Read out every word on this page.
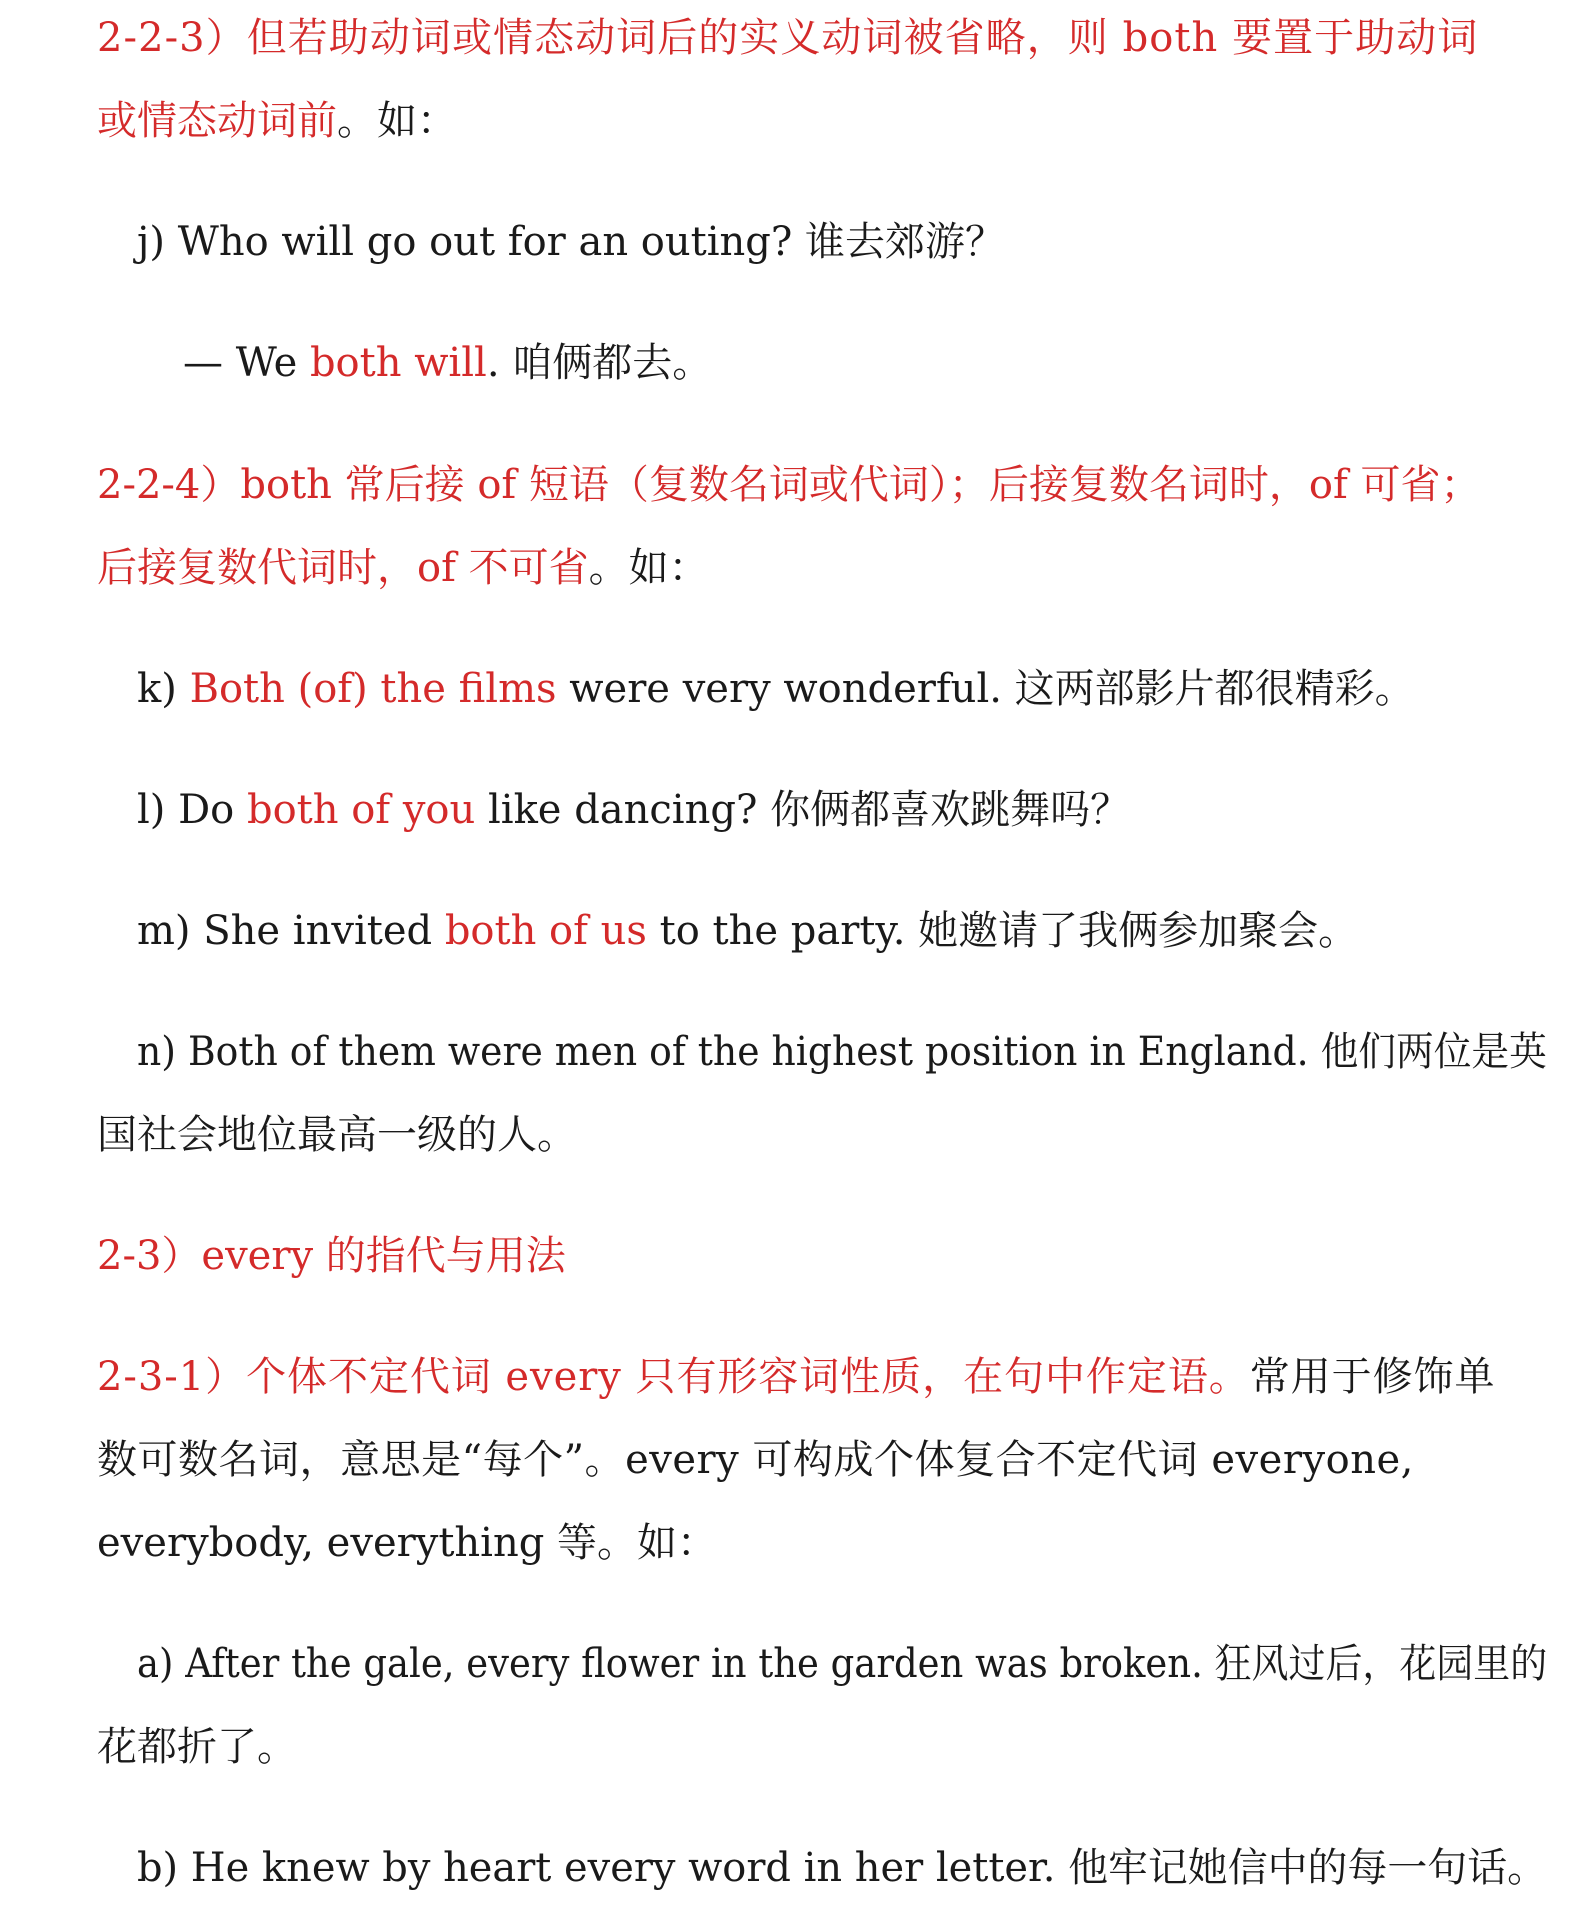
2-2-3）但若助动词或情态动词后的实义动词被省略，则 both 要置于助动词
或情态动词前。如：
j) Who will go out for an outing? 谁去郊游？
— We both will. 咱俩都去。
2-2-4）both 常后接 of 短语（复数名词或代词）；后接复数名词时，of 可省；
后接复数代词时，of 不可省。如：
k) Both (of) the films were very wonderful. 这两部影片都很精彩。
l) Do both of you like dancing? 你俩都喜欢跳舞吗？
m) She invited both of us to the party. 她邀请了我俩参加聚会。
n) Both of them were men of the highest position in England. 他们两位是英
国社会地位最高一级的人。
2-3）every 的指代与用法
2-3-1）个体不定代词 every 只有形容词性质，在句中作定语。常用于修饰单
数可数名词，意思是“每个”。every 可构成个体复合不定代词 everyone,
everybody, everything 等。如：
a) After the gale, every flower in the garden was broken. 狂风过后，花园里的
花都折了。
b) He knew by heart every word in her letter. 他牢记她信中的每一句话。
